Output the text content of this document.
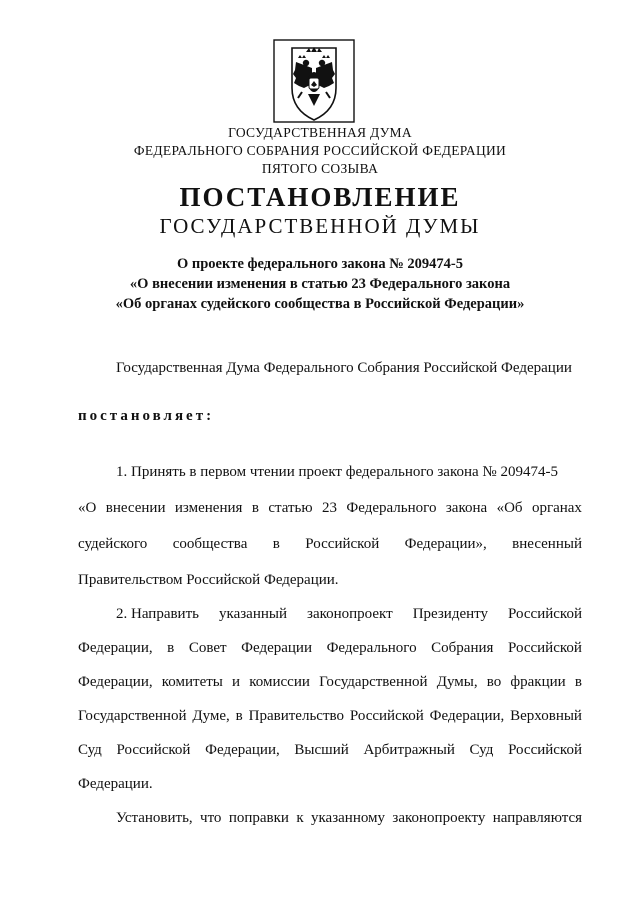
ГОСУДАРСТВЕННАЯ ДУМА
ФЕДЕРАЛЬНОГО СОБРАНИЯ РОССИЙСКОЙ ФЕДЕРАЦИИ
ПЯТОГО СОЗЫВА
ПОСТАНОВЛЕНИЕ
ГОСУДАРСТВЕННОЙ ДУМЫ
О проекте федерального закона № 209474-5
«О внесении изменения в статью 23 Федерального закона
«Об органах судейского сообщества в Российской Федерации»
Государственная Дума Федерального Собрания Российской Федерации
постановляет:
1. Принять в первом чтении проект федерального закона № 209474-5
«О внесении изменения в статью 23 Федерального закона «Об органах
судейского сообщества в Российской Федерации», внесенный
Правительством Российской Федерации.
2. Направить указанный законопроект Президенту Российской
Федерации, в Совет Федерации Федерального Собрания Российской
Федерации, комитеты и комиссии Государственной Думы, во фракции в
Государственной Думе, в Правительство Российской Федерации, Верховный
Суд Российской Федерации, Высший Арбитражный Суд Российской
Федерации.
Установить, что поправки к указанному законопроекту направляются
